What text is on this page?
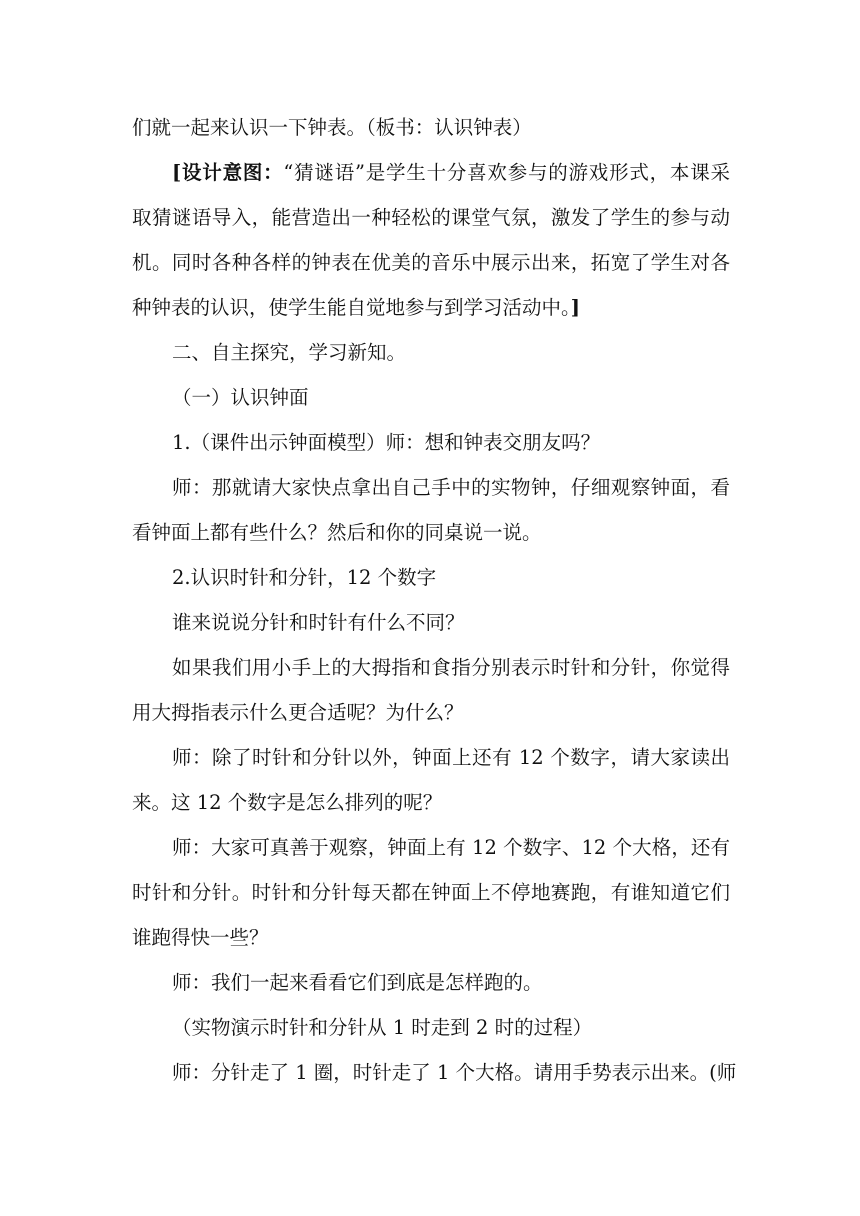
们就一起来认识一下钟表。（板书：认识钟表）
[设计意图：“猜谜语”是学生十分喜欢参与的游戏形式，本课采
取猜谜语导入，能营造出一种轻松的课堂气氛，激发了学生的参与动
机。同时各种各样的钟表在优美的音乐中展示出来，拓宽了学生对各
种钟表的认识，使学生能自觉地参与到学习活动中。]
二、自主探究，学习新知。
（一）认识钟面
1.（课件出示钟面模型）师：想和钟表交朋友吗？
师：那就请大家快点拿出自己手中的实物钟，仔细观察钟面，看
看钟面上都有些什么？然后和你的同桌说一说。
2.认识时针和分针，12 个数字
谁来说说分针和时针有什么不同？
如果我们用小手上的大拇指和食指分别表示时针和分针，你觉得
用大拇指表示什么更合适呢？为什么？
师：除了时针和分针以外，钟面上还有 12 个数字，请大家读出
来。这 12 个数字是怎么排列的呢？
师：大家可真善于观察，钟面上有 12 个数字、12 个大格，还有
时针和分针。时针和分针每天都在钟面上不停地赛跑，有谁知道它们
谁跑得快一些？
师：我们一起来看看它们到底是怎样跑的。
（实物演示时针和分针从 1 时走到 2 时的过程）
师：分针走了 1 圈，时针走了 1 个大格。请用手势表示出来。(师
